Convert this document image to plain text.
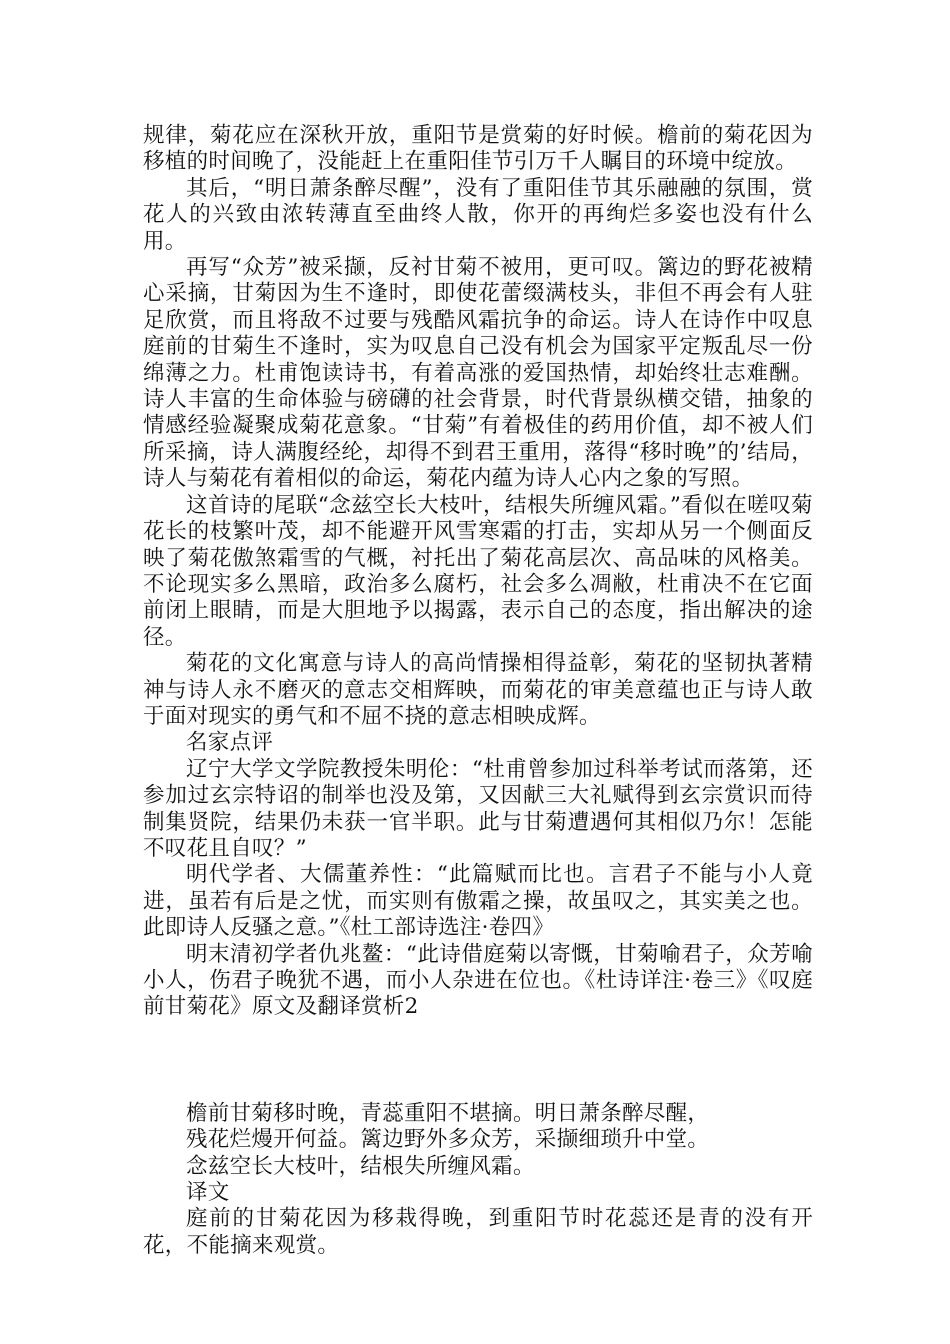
规律，菊花应在深秋开放，重阳节是赏菊的好时候。檐前的菊花因为移植的时间晚了，没能赶上在重阳佳节引万千人瞩目的环境中绽放。

其后，“明日萧条醉尽醒”，没有了重阳佳节其乐融融的氛围，赏花人的兴致由浓转薄直至曲终人散，你开的再绚烂多姿也没有什么用。

再写“众芳”被采撷，反衬甘菊不被用，更可叹。篱边的野花被精心采摘，甘菊因为生不逢时，即使花蕾缀满枝头，非但不再会有人驻足欣赏，而且将敌不过要与残酷风霜抗争的命运。诗人在诗作中叹息庭前的甘菊生不逢时，实为叹息自己没有机会为国家平定叛乱尽一份绵薄之力。杜甫饱读诗书，有着高涨的爱国热情，却始终壮志难酬。诗人丰富的生命体验与磅礴的社会背景，时代背景纵横交错，抽象的情感经验凝聚成菊花意象。“甘菊”有着极佳的药用价值，却不被人们所采摘，诗人满腹经纶，却得不到君王重用，落得“移时晚”的’结局，诗人与菊花有着相似的命运，菊花内蕴为诗人心内之象的写照。

这首诗的尾联“念兹空长大枝叶，结根失所缠风霜。”看似在嗟叹菊花长的枝繁叶茂，却不能避开风雪寒霜的打击，实却从另一个侧面反映了菊花傲煞霜雪的气概，衬托出了菊花高层次、高品味的风格美。不论现实多么黑暗，政治多么腐朽，社会多么凋敝，杜甫决不在它面前闭上眼睛，而是大胆地予以揭露，表示自己的态度，指出解决的途径。

菊花的文化寓意与诗人的高尚情操相得益彰，菊花的坚韧执著精神与诗人永不磨灭的意志交相辉映，而菊花的审美意蕴也正与诗人敢于面对现实的勇气和不屈不挠的意志相映成辉。

名家点评

辽宁大学文学院教授朱明伦：“杜甫曾参加过科举考试而落第，还参加过玄宗特诏的制举也没及第，又因献三大礼赋得到玄宗赏识而待制集贤院，结果仍未获一官半职。此与甘菊遭遇何其相似乃尔！怎能不叹花且自叹？”

明代学者、大儒董养性：“此篇赋而比也。言君子不能与小人竟进，虽若有后是之忧，而实则有傲霜之操，故虽叹之，其实美之也。此即诗人反骚之意。”《杜工部诗选注·卷四》

明末清初学者仇兆鳌：“此诗借庭菊以寄慨，甘菊喻君子，众芳喻小人，伤君子晚犹不遇，而小人杂进在位也。《杜诗详注·卷三》《叹庭前甘菊花》原文及翻译赏析2

檐前甘菊移时晚，青蕊重阳不堪摘。明日萧条醉尽醒，

残花烂熳开何益。篱边野外多众芳，采撷细琐升中堂。

念兹空长大枝叶，结根失所缠风霜。

译文

庭前的甘菊花因为移栽得晚，到重阳节时花蕊还是青的没有开花，不能摘来观赏。
